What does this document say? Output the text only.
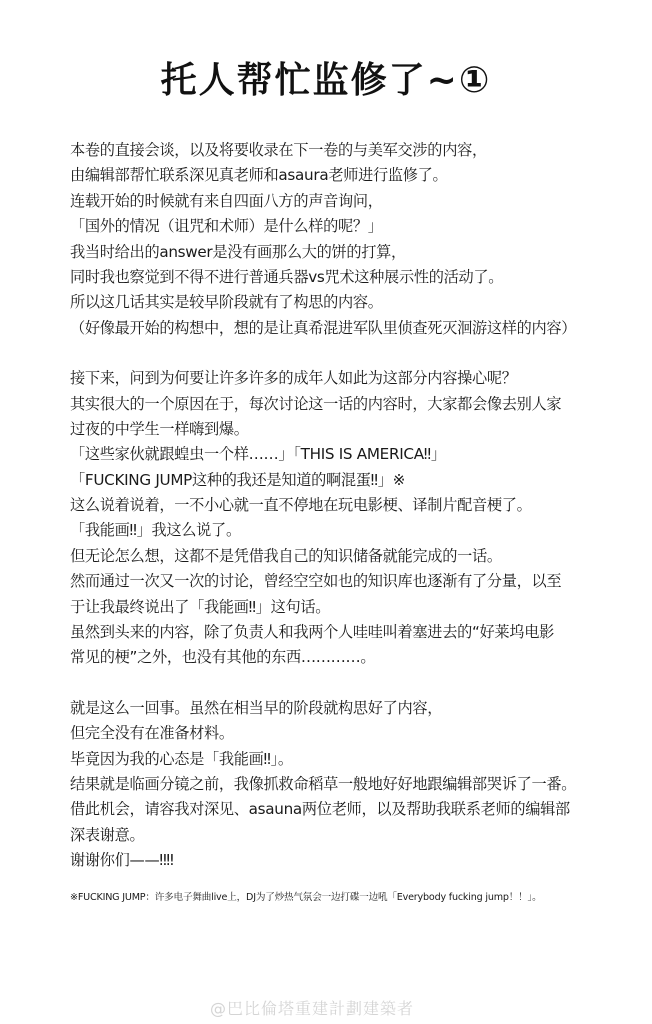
托人帮忙监修了~①
本卷的直接会谈，以及将要收录在下一卷的与美军交涉的内容，
由编辑部帮忙联系深见真老师和asaura老师进行监修了。
连载开始的时候就有来自四面八方的声音询问，
「国外的情况（诅咒和术师）是什么样的呢？」
我当时给出的answer是没有画那么大的饼的打算，
同时我也察觉到不得不进行普通兵器vs咒术这种展示性的活动了。
所以这几话其实是较早阶段就有了构思的内容。
（好像最开始的构想中，想的是让真希混进军队里侦查死灭洄游这样的内容）
接下来，问到为何要让许多许多的成年人如此为这部分内容操心呢？
其实很大的一个原因在于，每次讨论这一话的内容时，大家都会像去别人家
过夜的中学生一样嗨到爆。
「这些家伙就跟蝗虫一个样……」「THIS IS AMERICA‼」
「FUCKING JUMP这种的我还是知道的啊混蛋‼」※
这么说着说着，一不小心就一直不停地在玩电影梗、译制片配音梗了。
「我能画‼」我这么说了。
但无论怎么想，这都不是凭借我自己的知识储备就能完成的一话。
然而通过一次又一次的讨论，曾经空空如也的知识库也逐渐有了分量，以至
于让我最终说出了「我能画‼」这句话。
虽然到头来的内容，除了负责人和我两个人哇哇叫着塞进去的“好莱坞电影
常见的梗”之外，也没有其他的东西…………。
就是这么一回事。虽然在相当早的阶段就构思好了内容，
但完全没有在准备材料。
毕竟因为我的心态是「我能画‼」。
结果就是临画分镜之前，我像抓救命稻草一般地好好地跟编辑部哭诉了一番。
借此机会，请容我对深见、asauna两位老师，以及帮助我联系老师的编辑部
深表谢意。
谢谢你们——‼‼
※FUCKING JUMP：许多电子舞曲live上，DJ为了炒热气氛会一边打碟一边吼「Everybody fucking jump！！」。
@巴比倫塔重建計劃建築者
